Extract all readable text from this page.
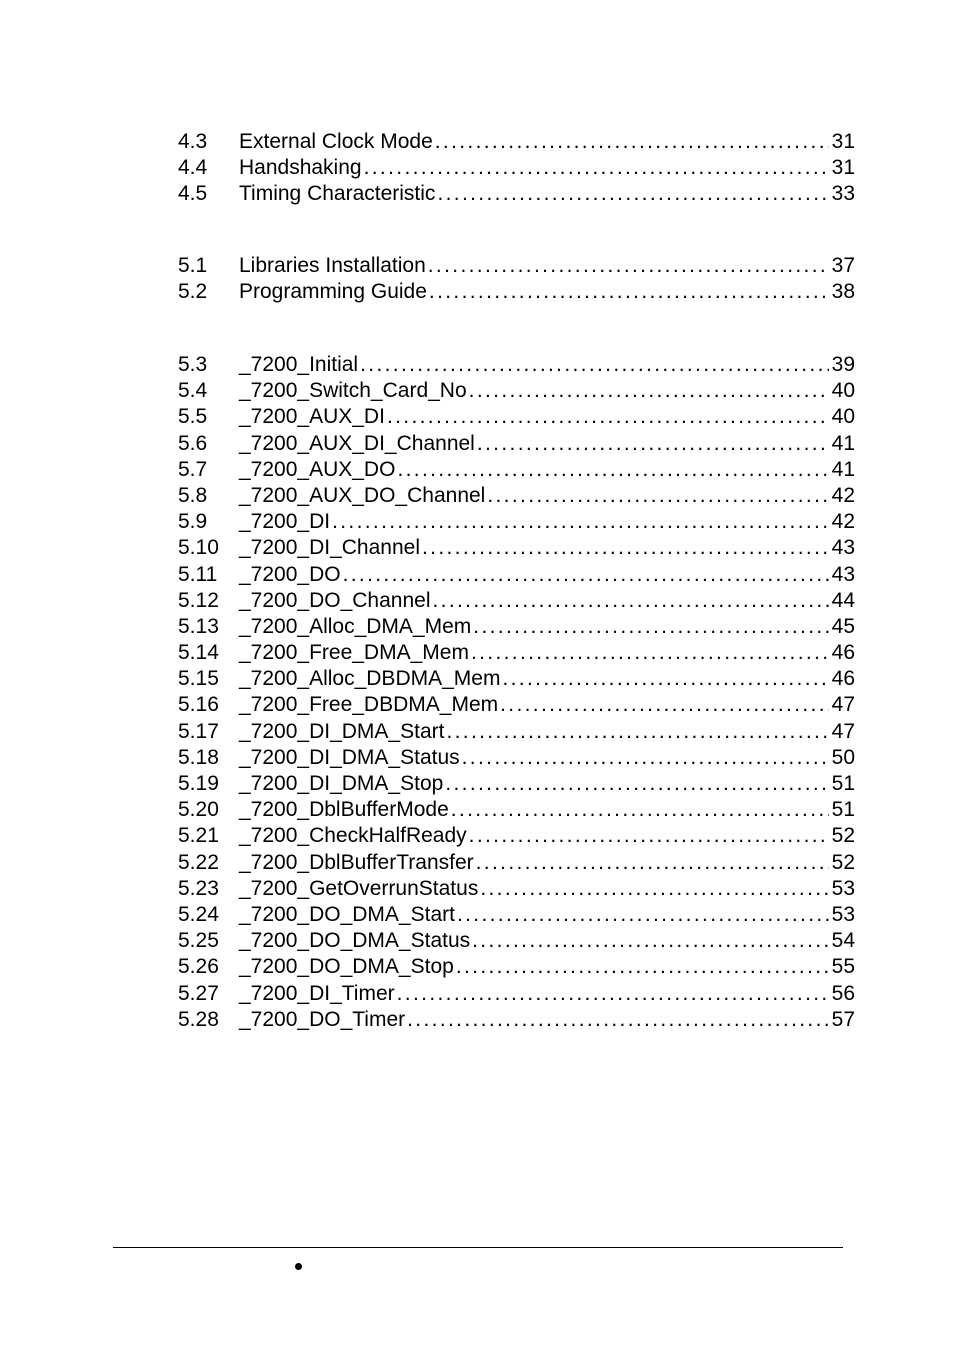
4.3 External Clock Mode . . .	31
4.4 Handshaking . . .	31
4.5 Timing Characteristic . . .	33
5.1 Libraries Installation . . .	37
5.2 Programming Guide . . .	38
5.3 _7200_Initial . . .	39
5.4 _7200_Switch_Card_No . . .	40
5.5 _7200_AUX_DI . . .	40
5.6 _7200_AUX_DI_Channel . . .	41
5.7 _7200_AUX_DO . . .	41
5.8 _7200_AUX_DO_Channel . . .	42
5.9 _7200_DI . . .	42
5.10 _7200_DI_Channel . . .	43
5.11 _7200_DO . . .	43
5.12 _7200_DO_Channel . . .	44
5.13 _7200_Alloc_DMA_Mem . . .	45
5.14 _7200_Free_DMA_Mem . . .	46
5.15 _7200_Alloc_DBDMA_Mem . . .	46
5.16 _7200_Free_DBDMA_Mem . . .	47
5.17 _7200_DI_DMA_Start . . .	47
5.18 _7200_DI_DMA_Status . . .	50
5.19 _7200_DI_DMA_Stop . . .	51
5.20 _7200_DblBufferMode . . .	51
5.21 _7200_CheckHalfReady . . .	52
5.22 _7200_DblBufferTransfer . . .	52
5.23 _7200_GetOverrunStatus . . .	53
5.24 _7200_DO_DMA_Start . . .	53
5.25 _7200_DO_DMA_Status . . .	54
5.26 _7200_DO_DMA_Stop . . .	55
5.27 _7200_DI_Timer . . .	56
5.28 _7200_DO_Timer . . .	57
